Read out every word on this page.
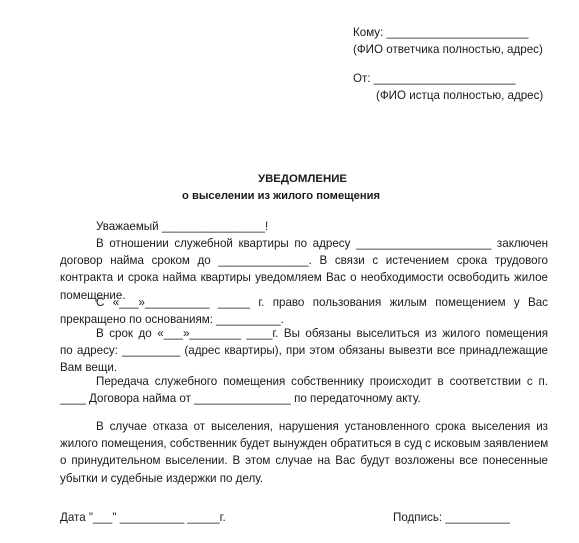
Кому: ______________________
(ФИО ответчика полностью, адрес)
От: ______________________
(ФИО истца полностью, адрес)
УВЕДОМЛЕНИЕ
о выселении из жилого помещения
Уважаемый ________________!
В отношении служебной квартиры по адресу _____________________ заключен
договор найма сроком до ______________. В связи с истечением срока трудового
контракта и срока найма квартиры уведомляем Вас о необходимости освободить жилое
помещение.
С «___»__________ _____ г. право пользования жилым помещением у Вас
прекращено по основаниям: __________.
В срок до «___»________ ____г. Вы обязаны выселиться из жилого помещения
по адресу: _________ (адрес квартиры), при этом обязаны вывезти все принадлежащие
Вам вещи.
Передача служебного помещения собственнику происходит в соответствии с п.
____ Договора найма от _______________ по передаточному акту.
В случае отказа от выселения, нарушения установленного срока выселения из
жилого помещения, собственник будет вынужден обратиться в суд с исковым заявлением
о принудительном выселении. В этом случае на Вас будут возложены все понесенные
убытки и судебные издержки по делу.
Дата "___" __________ _____г.	Подпись: __________
